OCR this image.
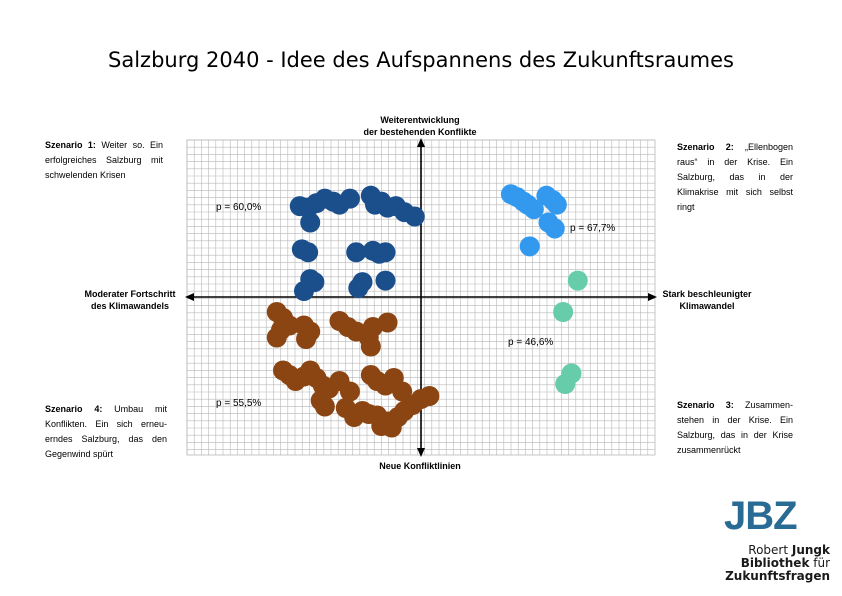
Salzburg 2040 - Idee des Aufspannens des Zukunftsraumes
Weiterentwicklung
der bestehenden Konflikte
Neue Konfliktlinien
Moderater Fortschritt
des Klimawandels
Stark beschleunigter
Klimawandel
Szenario 1: Weiter so. Ein erfolgreiches Salzburg mit schwelenden Krisen
Szenario 2: „Ellenbogen raus“ in der Krise. Ein Salzburg, das in der Klimakrise mit sich selbst ringt
Szenario 3: Zusammen-stehen in der Krise. Ein Salzburg, das in der Krise zusammenrückt
Szenario 4: Umbau mit Konflikten. Ein sich erneu-erndes Salzburg, das den Gegenwind spürt
p = 60,0%
p = 67,7%
p = 46,6%
p = 55,5%
JBZ
Robert Jungk
Bibliothek für
Zukunftsfragen
